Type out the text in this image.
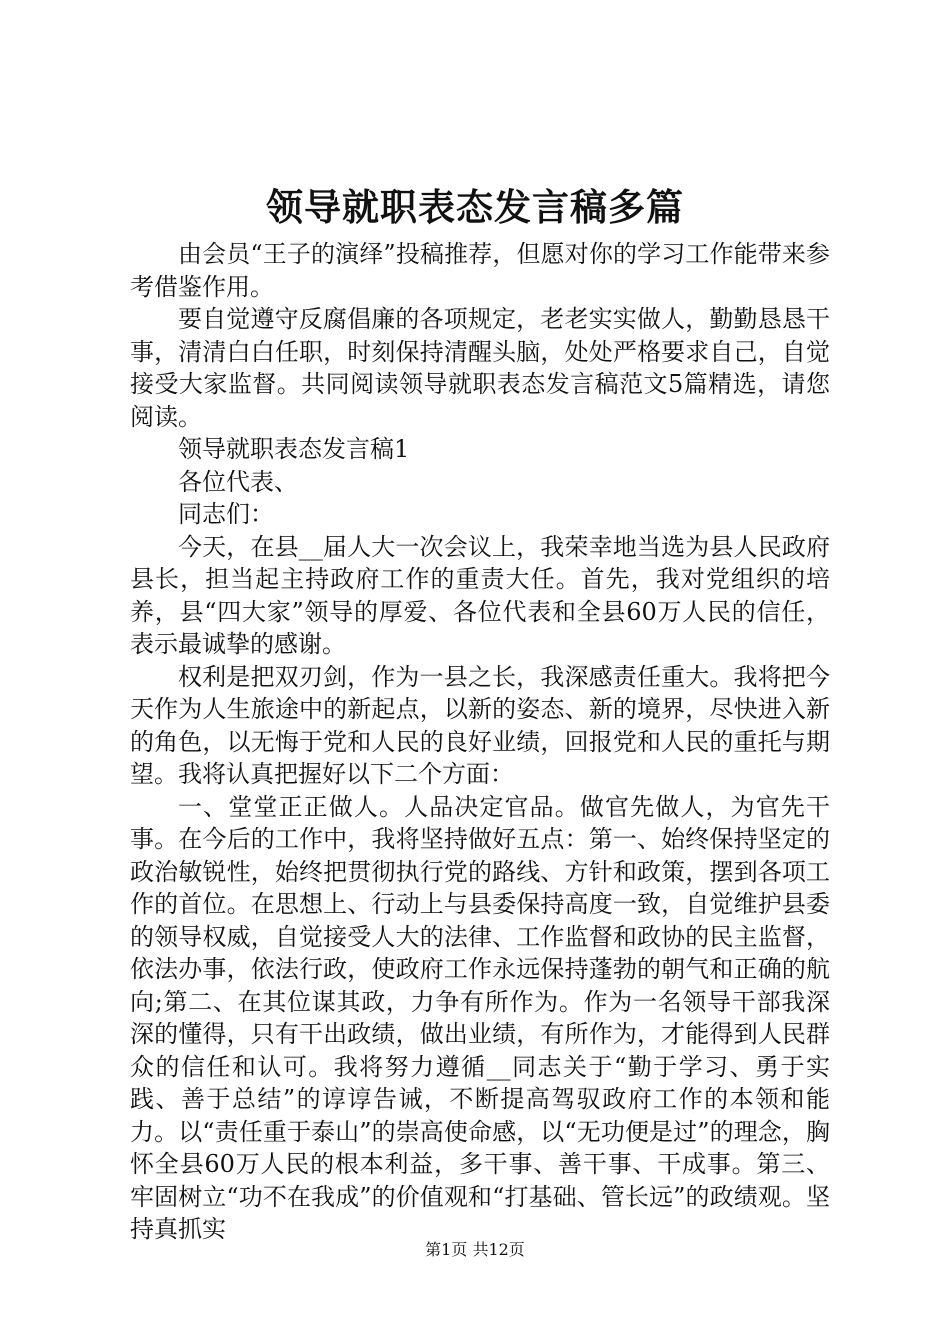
领导就职表态发言稿多篇

由会员“王子的演绎”投稿推荐，但愿对你的学习工作能带来参考借鉴作用。

要自觉遵守反腐倡廉的各项规定，老老实实做人，勤勤恳恳干事，清清白白任职，时刻保持清醒头脑，处处严格要求自己，自觉接受大家监督。共同阅读领导就职表态发言稿范文5篇精选，请您阅读。

领导就职表态发言稿1

各位代表、

同志们：

今天，在县__届人大一次会议上，我荣幸地当选为县人民政府县长，担当起主持政府工作的重责大任。首先，我对党组织的培养，县“四大家”领导的厚爱、各位代表和全县60万人民的信任，表示最诚挚的感谢。

权利是把双刃剑，作为一县之长，我深感责任重大。我将把今天作为人生旅途中的新起点，以新的姿态、新的境界，尽快进入新的角色，以无悔于党和人民的良好业绩，回报党和人民的重托与期望。我将认真把握好以下二个方面：

一、堂堂正正做人。人品决定官品。做官先做人，为官先干事。在今后的工作中，我将坚持做好五点：第一、始终保持坚定的政治敏锐性，始终把贯彻执行党的路线、方针和政策，摆到各项工作的首位。在思想上、行动上与县委保持高度一致，自觉维护县委的领导权威，自觉接受人大的法律、工作监督和政协的民主监督，依法办事，依法行政，使政府工作永远保持蓬勃的朝气和正确的航向;第二、在其位谋其政，力争有所作为。作为一名领导干部我深深的懂得，只有干出政绩，做出业绩，有所作为，才能得到人民群众的信任和认可。我将努力遵循__同志关于“勤于学习、勇于实践、善于总结”的谆谆告诫，不断提高驾驭政府工作的本领和能力。以“责任重于泰山”的崇高使命感，以“无功便是过”的理念，胸怀全县60万人民的根本利益，多干事、善干事、干成事。第三、牢固树立“功不在我成”的价值观和“打基础、管长远”的政绩观。坚持真抓实

第1页 共12页
